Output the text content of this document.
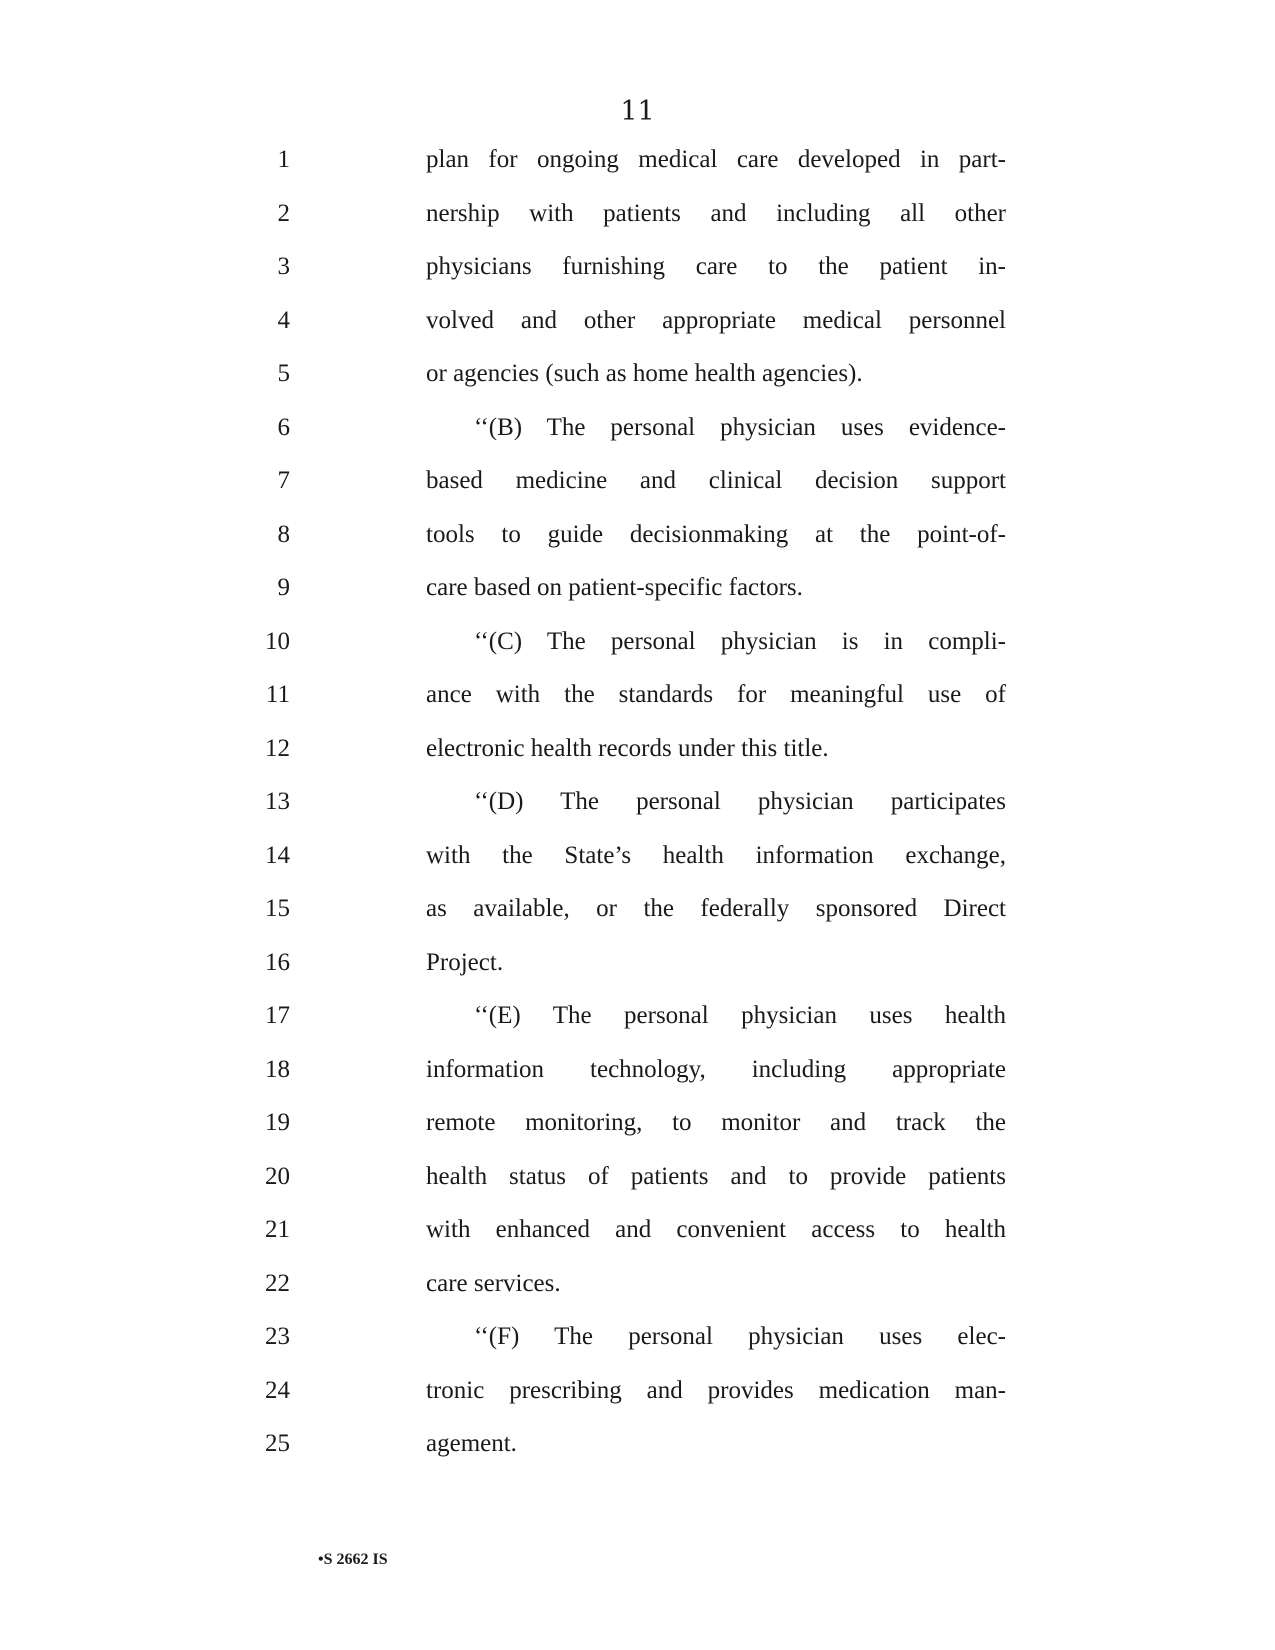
11
1	plan for ongoing medical care developed in part-
2	nership with patients and including all other
3	physicians furnishing care to the patient in-
4	volved and other appropriate medical personnel
5	or agencies (such as home health agencies).
6	‘‘(B) The personal physician uses evidence-
7	based medicine and clinical decision support
8	tools to guide decisionmaking at the point-of-
9	care based on patient-specific factors.
10	‘‘(C) The personal physician is in compli-
11	ance with the standards for meaningful use of
12	electronic health records under this title.
13	‘‘(D) The personal physician participates
14	with the State’s health information exchange,
15	as available, or the federally sponsored Direct
16	Project.
17	‘‘(E) The personal physician uses health
18	information technology, including appropriate
19	remote monitoring, to monitor and track the
20	health status of patients and to provide patients
21	with enhanced and convenient access to health
22	care services.
23	‘‘(F) The personal physician uses elec-
24	tronic prescribing and provides medication man-
25	agement.
•S 2662 IS
